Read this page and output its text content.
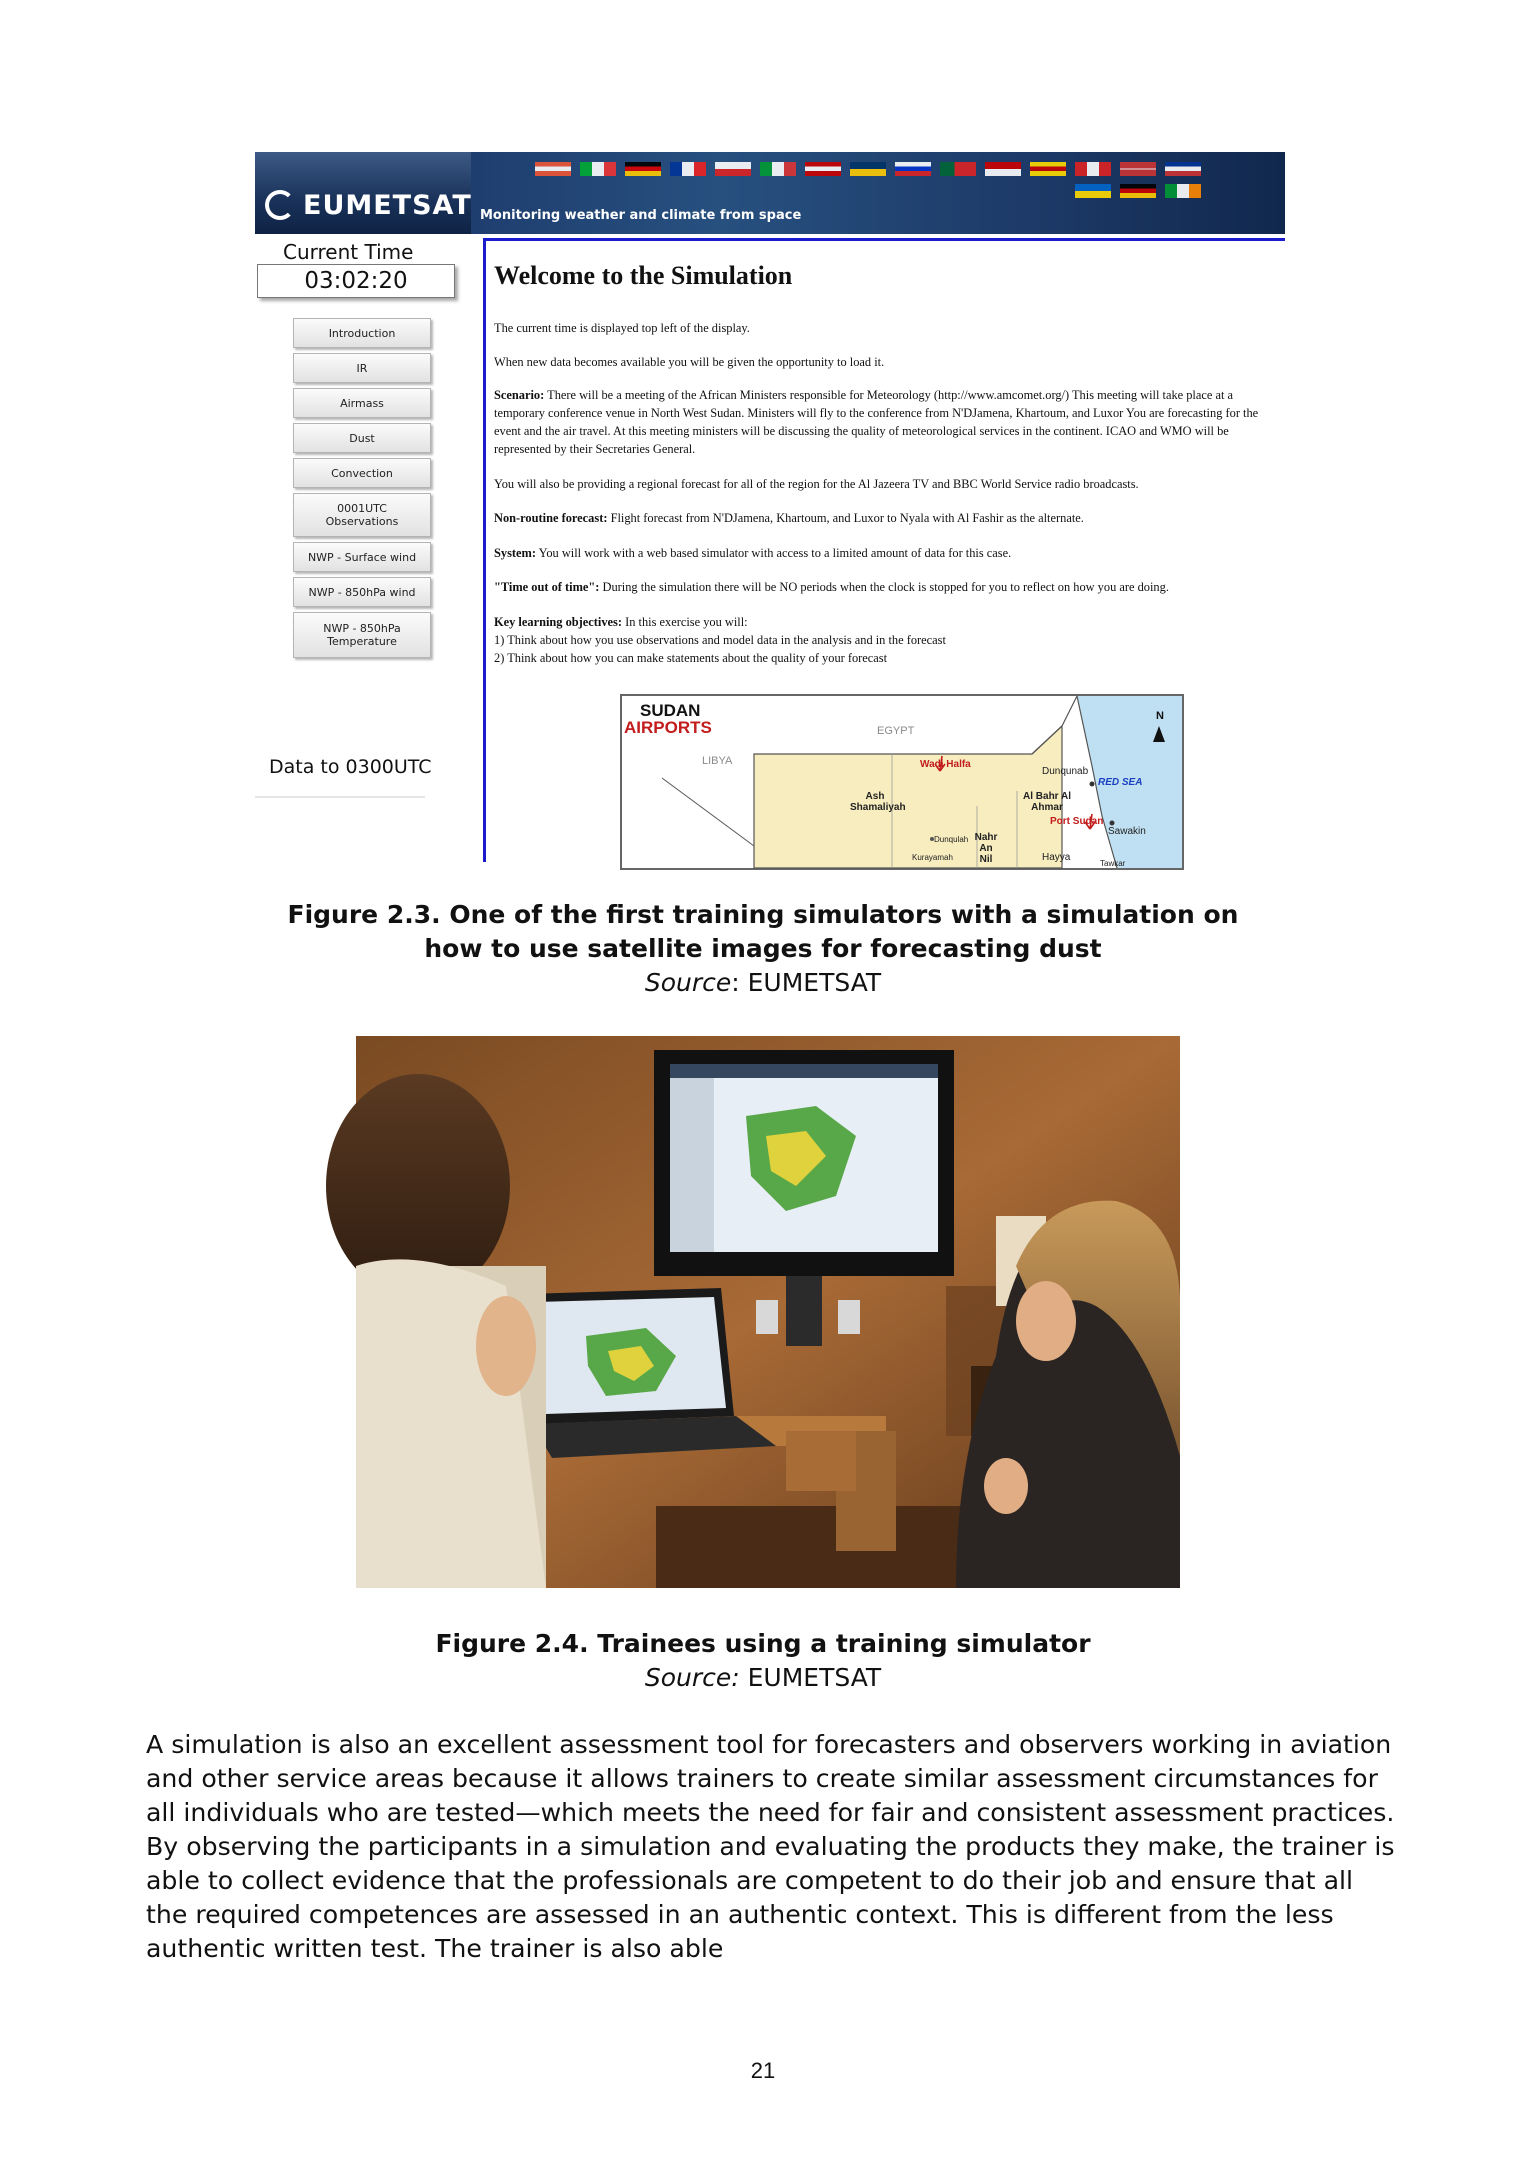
EUMETSAT Monitoring weather and climate from space
Current Time
03:02:20
Introduction
IR
Airmass
Dust
Convection
0001UTC Observations
NWP - Surface wind
NWP - 850hPa wind
NWP - 850hPa Temperature
Data to 0300UTC
Welcome to the Simulation
The current time is displayed top left of the display.
When new data becomes available you will be given the opportunity to load it.
Scenario: There will be a meeting of the African Ministers responsible for Meteorology (http://www.amcomet.org/) This meeting will take place at a temporary conference venue in North West Sudan. Ministers will fly to the conference from N'DJamena, Khartoum, and Luxor You are forecasting for the event and the air travel. At this meeting ministers will be discussing the quality of meteorological services in the continent. ICAO and WMO will be represented by their Secretaries General.
You will also be providing a regional forecast for all of the region for the Al Jazeera TV and BBC World Service radio broadcasts.
Non-routine forecast: Flight forecast from N'DJamena, Khartoum, and Luxor to Nyala with Al Fashir as the alternate.
System: You will work with a web based simulator with access to a limited amount of data for this case.
"Time out of time": During the simulation there will be NO periods when the clock is stopped for you to reflect on how you are doing.
Key learning objectives: In this exercise you will:
1) Think about how you use observations and model data in the analysis and in the forecast
2) Think about how you can make statements about the quality of your forecast
SUDAN
AIRPORTS
N
EGYPT
LIBYA
RED SEA
Wadi Halfa
Dunqunab
Ash Shamaliyah
Al Bahr Al Ahmar
Port Sudan
Sawakin
Dunqulah Nahr An Nil
Kurayamah	Hayya
Tawkar
Figure 2.3. One of the first training simulators with a simulation on
how to use satellite images for forecasting dust
Source: EUMETSAT
Figure 2.4. Trainees using a training simulator
Source: EUMETSAT
A simulation is also an excellent assessment tool for forecasters and observers working in aviation and other service areas because it allows trainers to create similar assessment circumstances for all individuals who are tested—which meets the need for fair and consistent assessment practices. By observing the participants in a simulation and evaluating the products they make, the trainer is able to collect evidence that the professionals are competent to do their job and ensure that all the required competences are assessed in an authentic context. This is different from the less authentic written test. The trainer is also able
21
